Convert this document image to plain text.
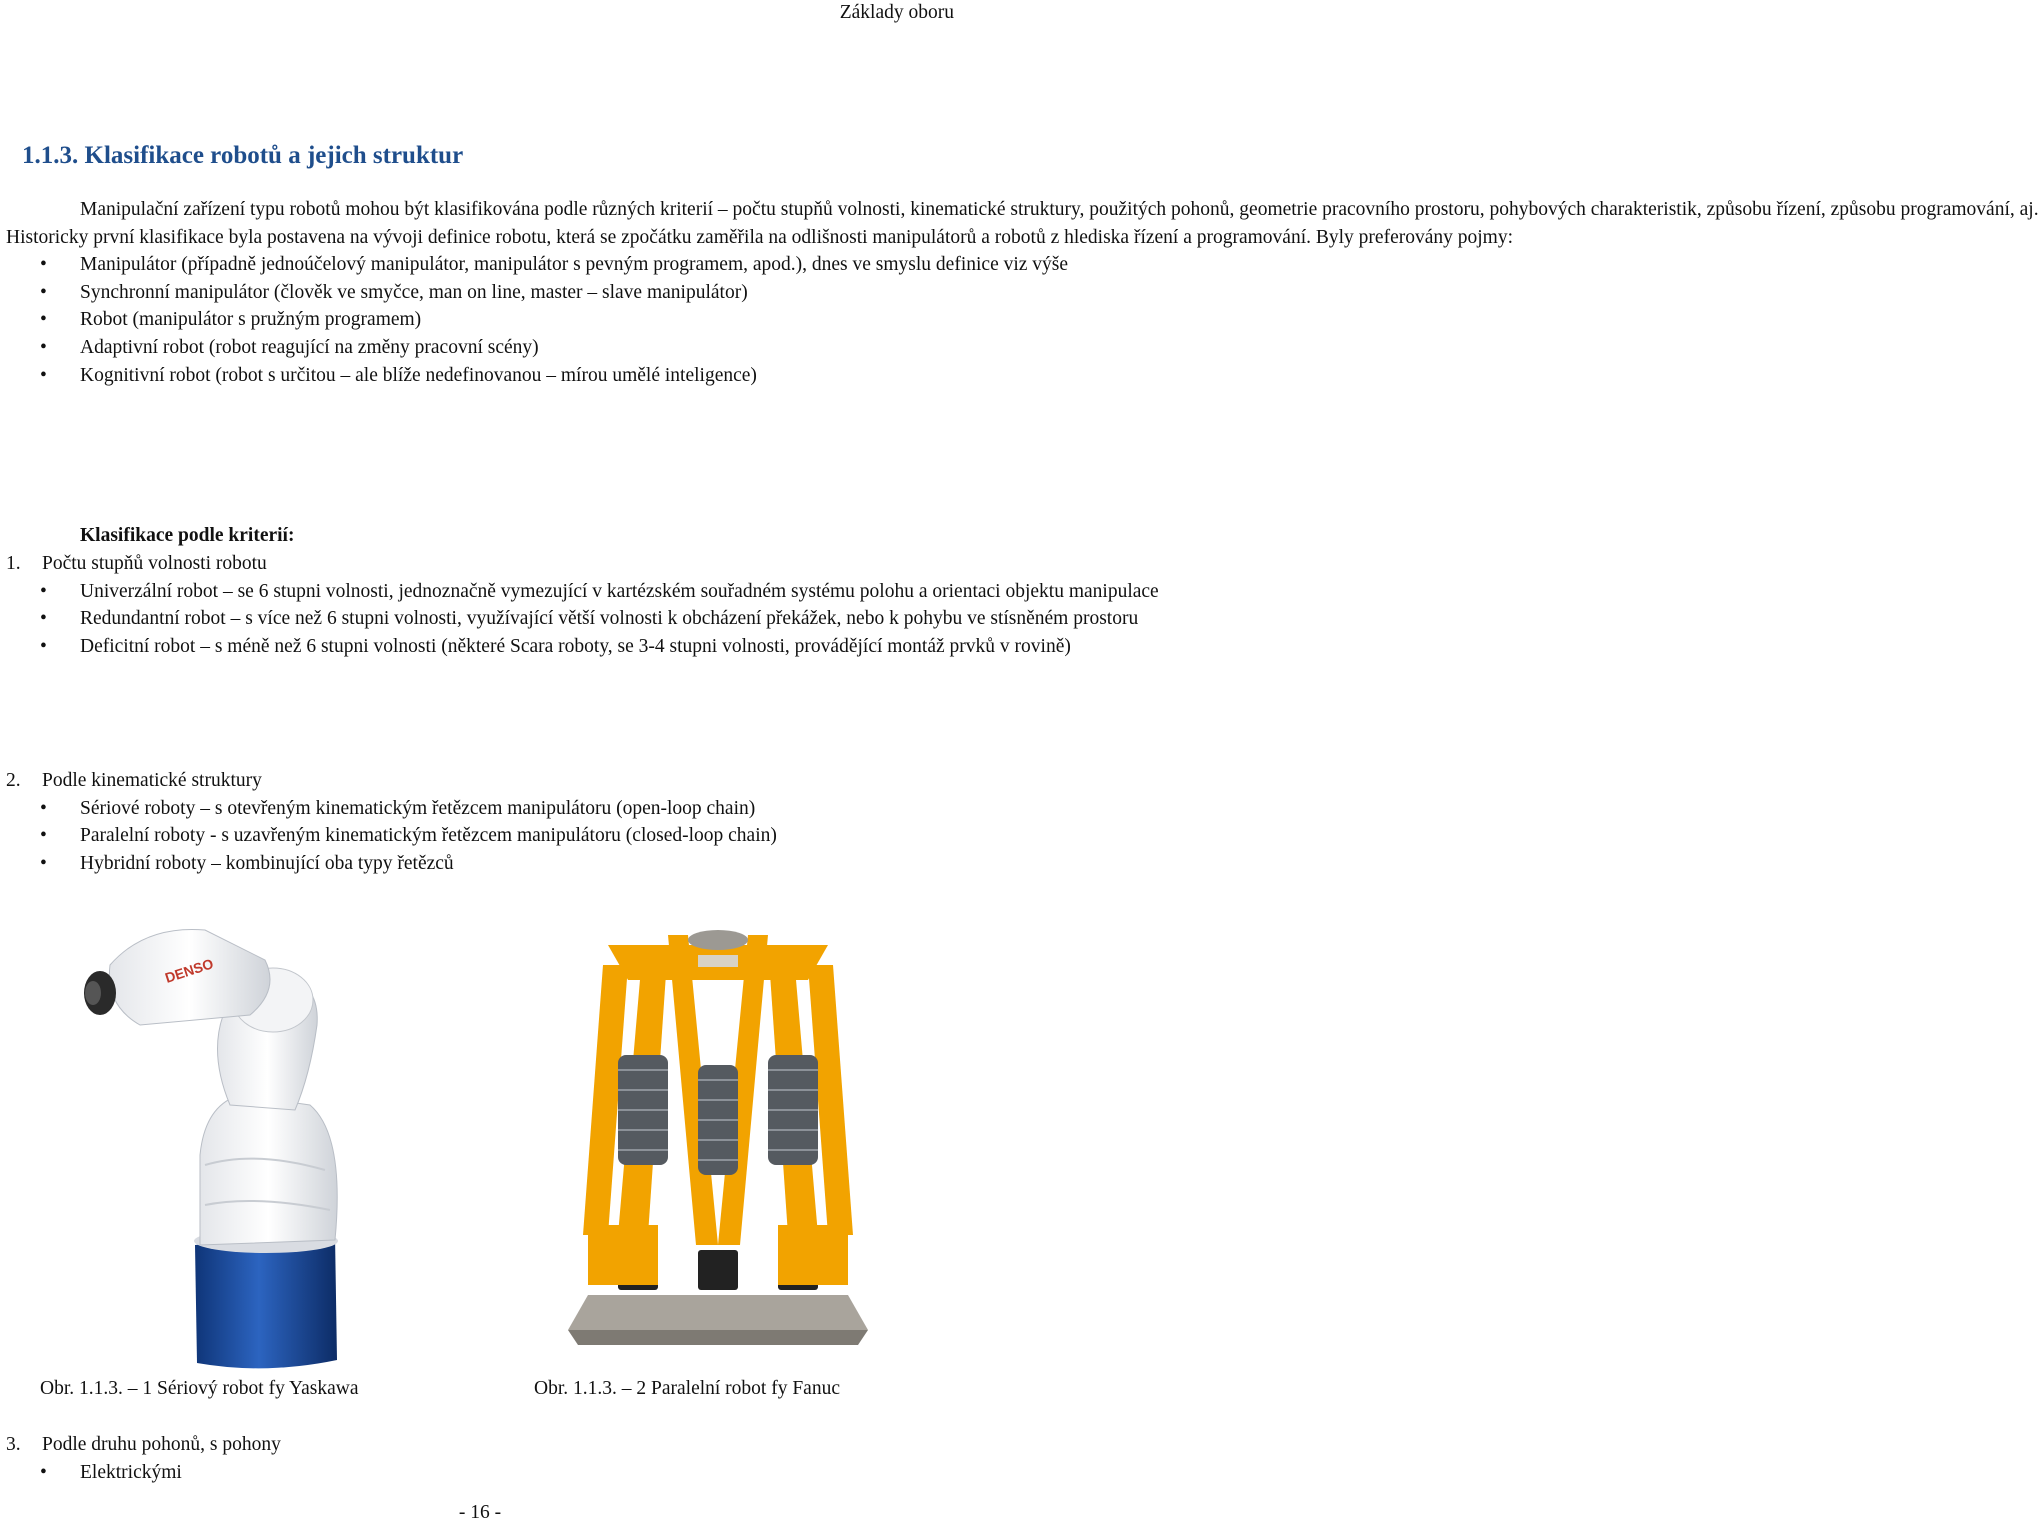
Základy oboru
1.1.3. Klasifikace robotů a jejich struktur

Manipulační zařízení typu robotů mohou být klasifikována podle různých kriterií – počtu stupňů volnosti, kinematické struktury, použitých pohonů, geometrie pracovního prostoru, pohybových charakteristik, způsobu řízení, způsobu programování, aj.

Historicky první klasifikace byla postavena na vývoji definice robotu, která se zpočátku zaměřila na odlišnosti manipulátorů a robotů z hlediska řízení a programování. Byly preferovány pojmy:

• Manipulátor (případně jednoúčelový manipulátor, manipulátor s pevným programem, apod.), dnes ve smyslu definice viz výše
• Synchronní manipulátor (člověk ve smyčce, man on line, master – slave manipulátor)
• Robot (manipulátor s pružným programem)
• Adaptivní robot (robot reagující na změny pracovní scény)
• Kognitivní robot (robot s určitou – ale blíže nedefinovanou – mírou umělé inteligence)
Klasifikace podle kriterií:
1. Počtu stupňů volnosti robotu
• Univerzální robot – se 6 stupni volnosti, jednoznačně vymezující v kartézském souřadném systému polohu a orientaci objektu manipulace
• Redundantní robot – s více než 6 stupni volnosti, využívající větší volnosti k obcházení překážek, nebo k pohybu ve stísněném prostoru
• Deficitní robot – s méně než 6 stupni volnosti (některé Scara roboty, se 3-4 stupni volnosti, provádějící montáž prvků v rovině)
2. Podle kinematické struktury
• Sériové roboty – s otevřeným kinematickým řetězcem manipulátoru (open-loop chain)
• Paralelní roboty - s uzavřeným kinematickým řetězcem manipulátoru (closed-loop chain)
• Hybridní roboty – kombinující oba typy řetězců
DENSO
Obr. 1.1.3. – 1 Sériový robot fy Yaskawa	Obr. 1.1.3. – 2 Paralelní robot fy Fanuc
3. Podle druhu pohonů, s pohony
• Elektrickými
- 16 -
